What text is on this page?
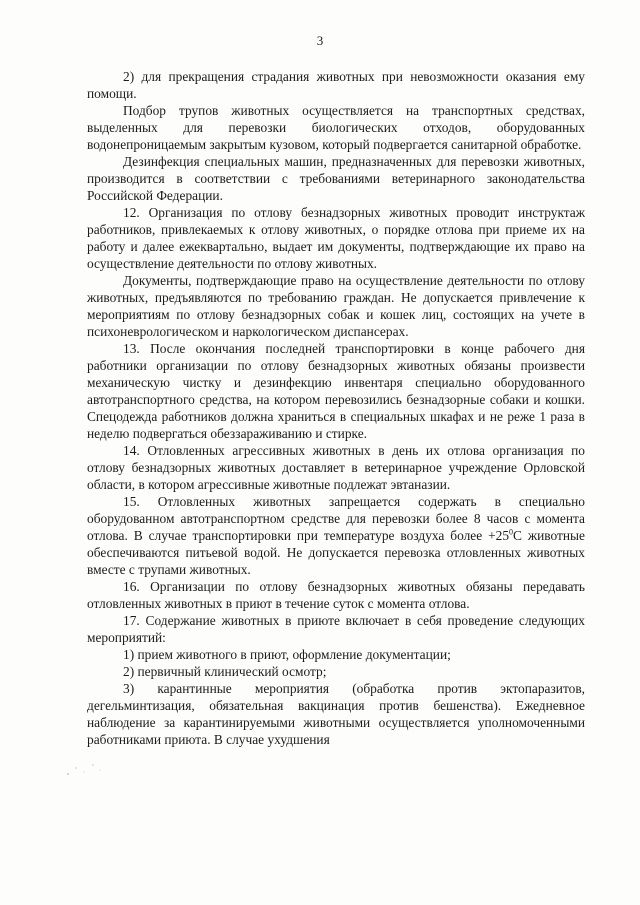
3

2) для прекращения страдания животных при невозможности оказания ему помощи.

Подбор трупов животных осуществляется на транспортных средствах, выделенных для перевозки биологических отходов, оборудованных водонепроницаемым закрытым кузовом, который подвергается санитарной обработке.

Дезинфекция специальных машин, предназначенных для перевозки животных, производится в соответствии с требованиями ветеринарного законодательства Российской Федерации.

12. Организация по отлову безнадзорных животных проводит инструктаж работников, привлекаемых к отлову животных, о порядке отлова при приеме их на работу и далее ежеквартально, выдает им документы, подтверждающие их право на осуществление деятельности по отлову животных.

Документы, подтверждающие право на осуществление деятельности по отлову животных, предъявляются по требованию граждан. Не допускается привлечение к мероприятиям по отлову безнадзорных собак и кошек лиц, состоящих на учете в психоневрологическом и наркологическом диспансерах.

13. После окончания последней транспортировки в конце рабочего дня работники организации по отлову безнадзорных животных обязаны произвести механическую чистку и дезинфекцию инвентаря специально оборудованного автотранспортного средства, на котором перевозились безнадзорные собаки и кошки. Спецодежда работников должна храниться в специальных шкафах и не реже 1 раза в неделю подвергаться обеззараживанию и стирке.

14. Отловленных агрессивных животных в день их отлова организация по отлову безнадзорных животных доставляет в ветеринарное учреждение Орловской области, в котором агрессивные животные подлежат эвтаназии.

15. Отловленных животных запрещается содержать в специально оборудованном автотранспортном средстве для перевозки более 8 часов с момента отлова. В случае транспортировки при температуре воздуха более $+25^0С$ животные обеспечиваются питьевой водой. Не допускается перевозка отловленных животных вместе с трупами животных.

16. Организации по отлову безнадзорных животных обязаны передавать отловленных животных в приют в течение суток с момента отлова.

17. Содержание животных в приюте включает в себя проведение следующих мероприятий:

1) прием животного в приют, оформление документации;

2) первичный клинический осмотр;

3) карантинные мероприятия (обработка против эктопаразитов, дегельминтизация, обязательная вакцинация против бешенства). Ежедневное наблюдение за карантинируемыми животными осуществляется уполномоченными работниками приюта. В случае ухудшения
